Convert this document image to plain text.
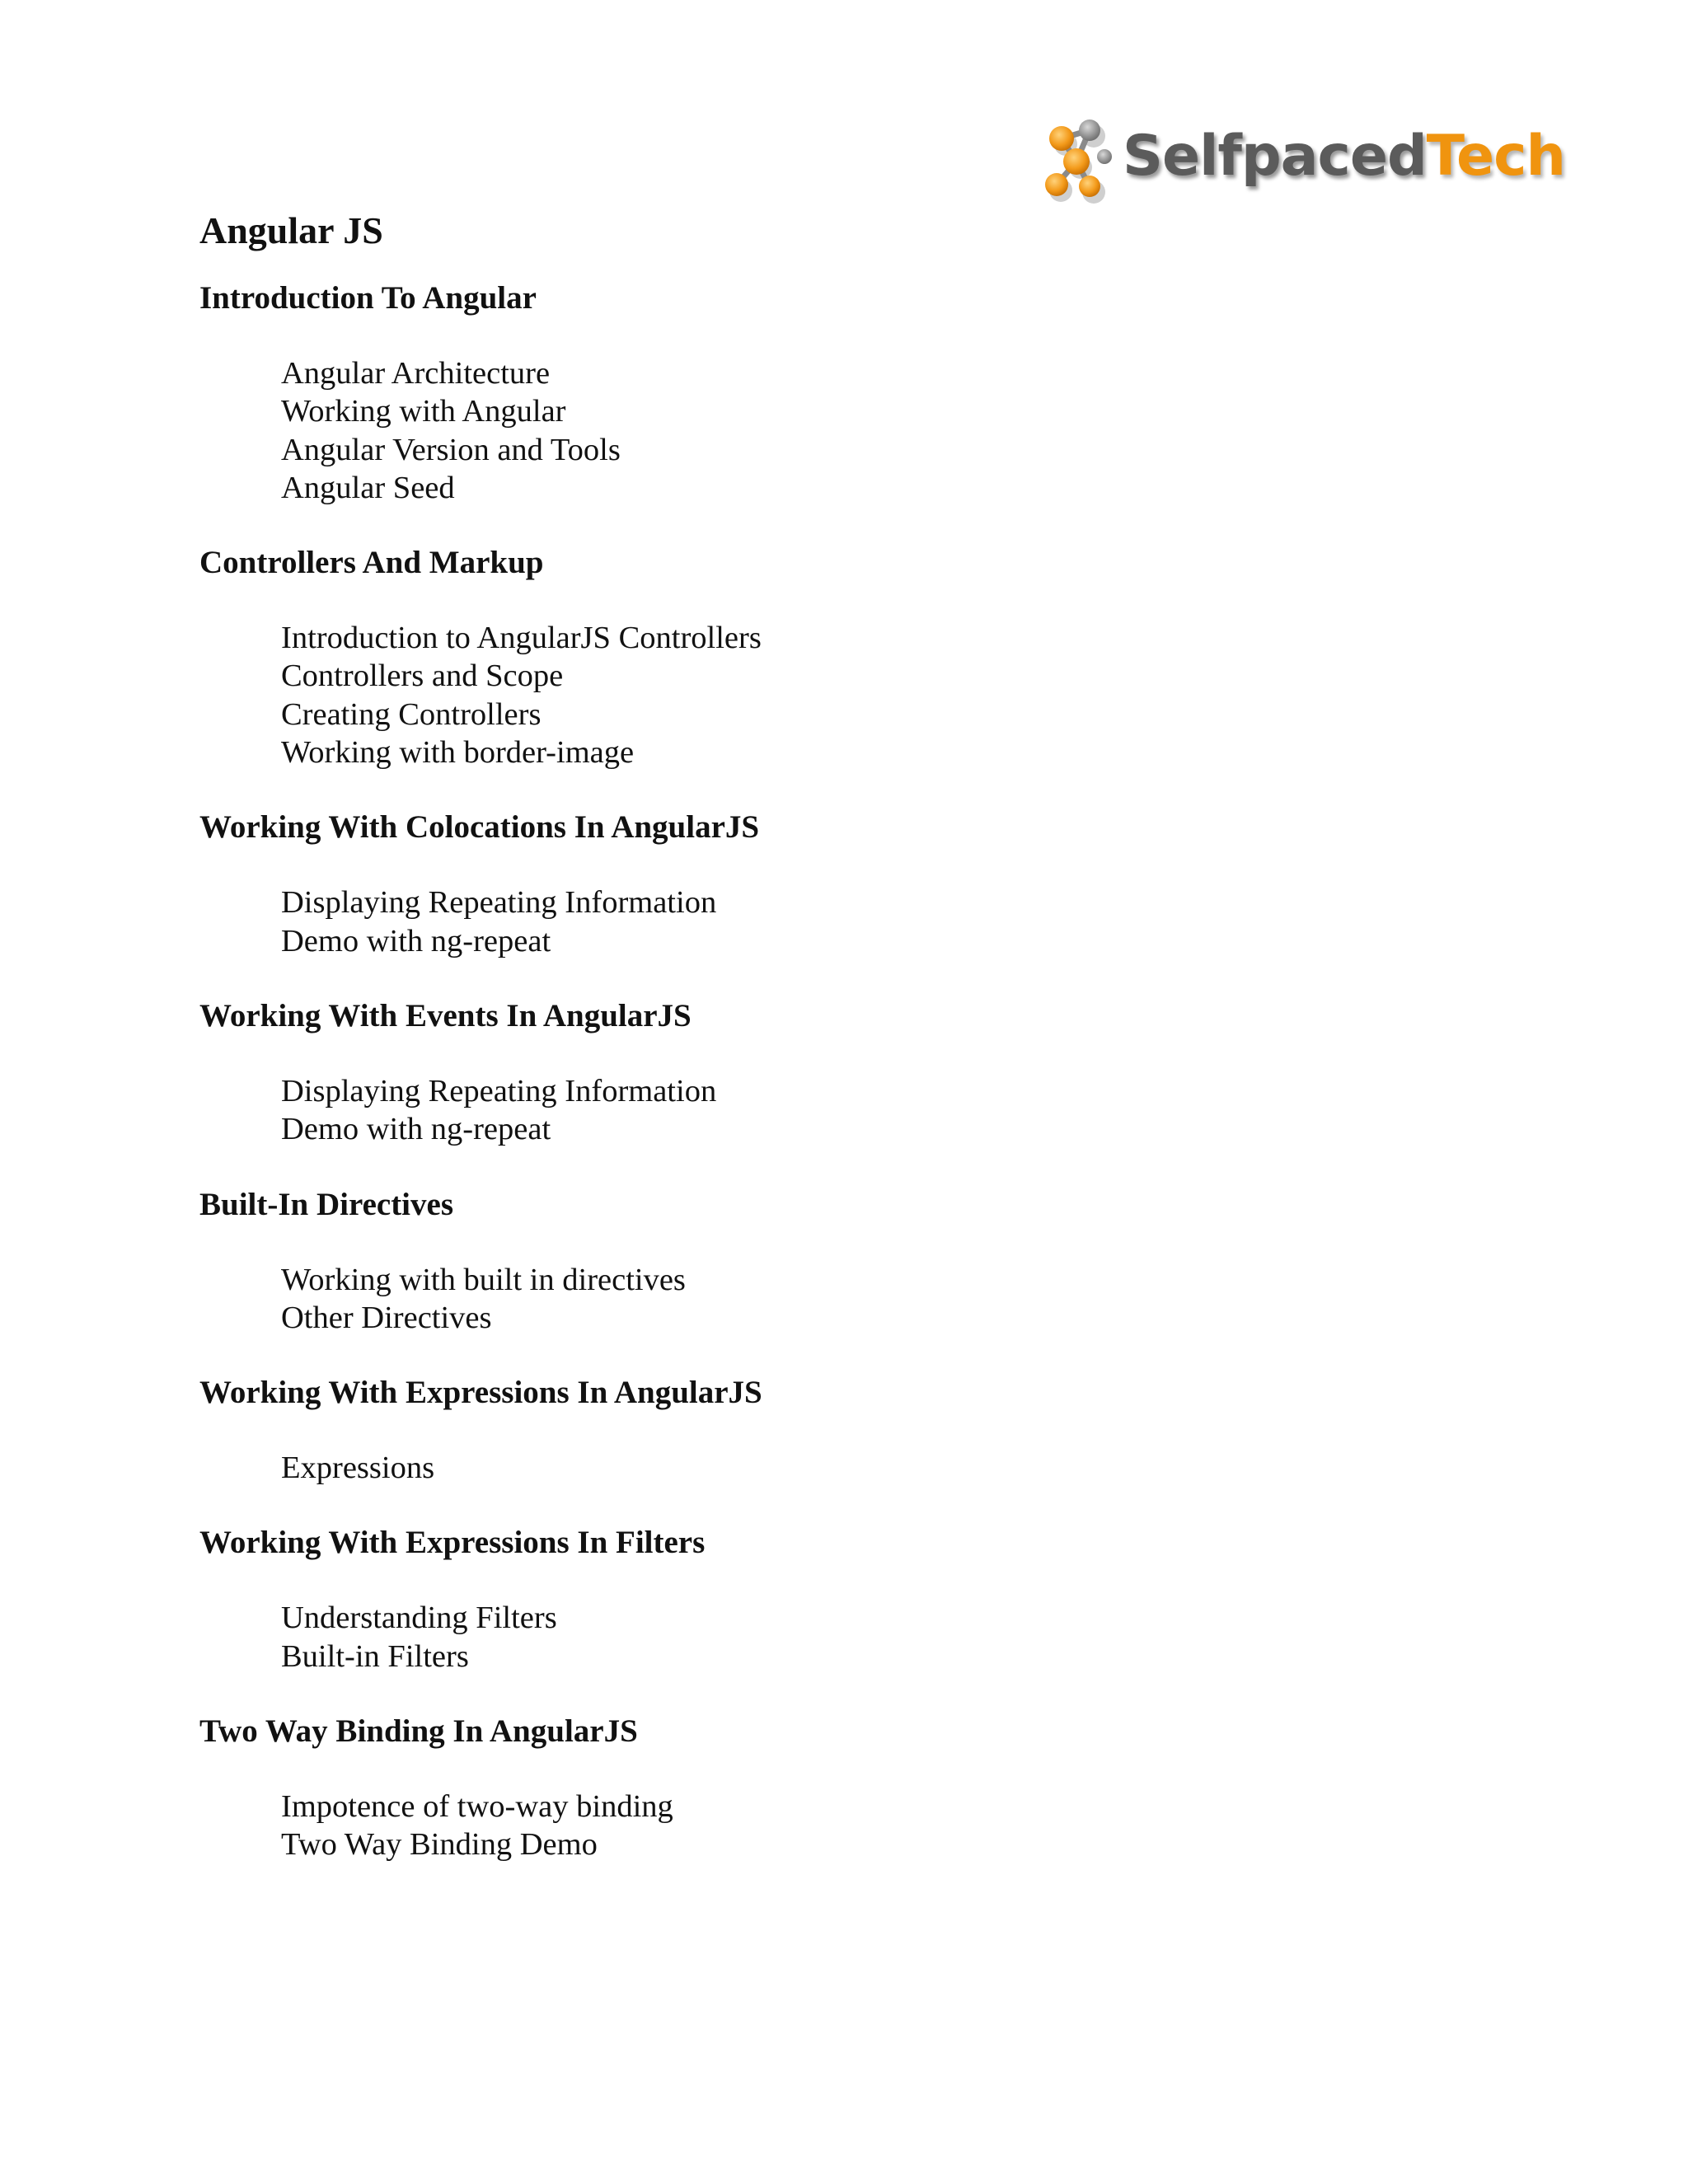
SelfpacedTech
Angular JS
Introduction To Angular
Angular Architecture
Working with Angular
Angular Version and Tools
Angular Seed
Controllers And Markup
Introduction to AngularJS Controllers
Controllers and Scope
Creating Controllers
Working with border-image
Working With Colocations In AngularJS
Displaying Repeating Information
Demo with ng-repeat
Working With Events In AngularJS
Displaying Repeating Information
Demo with ng-repeat
Built-In Directives
Working with built in directives
Other Directives
Working With Expressions In AngularJS
Expressions
Working With Expressions In Filters
Understanding Filters
Built-in Filters
Two Way Binding In AngularJS
Impotence of two-way binding
Two Way Binding Demo
